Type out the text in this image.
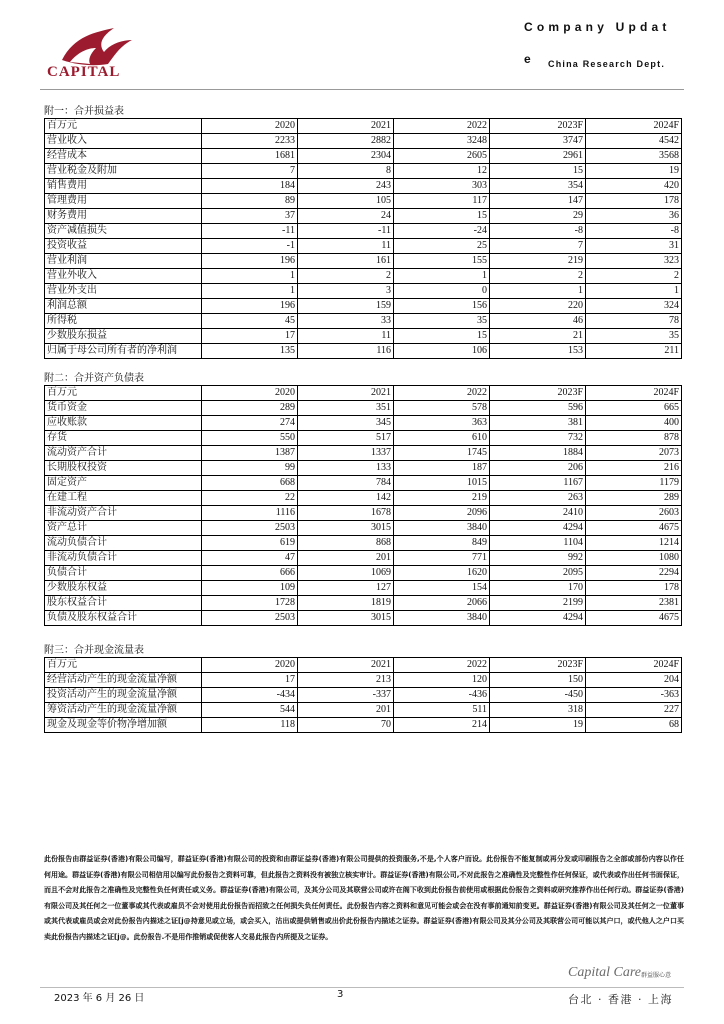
CAPITAL
Company Updat
e China Research Dept.
附一：合并损益表
百万元	2020	2021	2022	2023F	2024F
营业收入	2233	2882	3248	3747	4542
经营成本	1681	2304	2605	2961	3568
营业税金及附加	7	8	12	15	19
销售费用	184	243	303	354	420
管理费用	89	105	117	147	178
财务费用	37	24	15	29	36
资产减值损失	-11	-11	-24	-8	-8
投资收益	-1	11	25	7	31
营业利润	196	161	155	219	323
营业外收入	1	2	1	2	2
营业外支出	1	3	0	1	1
利润总额	196	159	156	220	324
所得税	45	33	35	46	78
少数股东损益	17	11	15	21	35
归属于母公司所有者的净利润	135	116	106	153	211
附二：合并资产负债表
百万元	2020	2021	2022	2023F	2024F
货币资金	289	351	578	596	665
应收账款	274	345	363	381	400
存货	550	517	610	732	878
流动资产合计	1387	1337	1745	1884	2073
长期股权投资	99	133	187	206	216
固定资产	668	784	1015	1167	1179
在建工程	22	142	219	263	289
非流动资产合计	1116	1678	2096	2410	2603
资产总计	2503	3015	3840	4294	4675
流动负债合计	619	868	849	1104	1214
非流动负债合计	47	201	771	992	1080
负债合计	666	1069	1620	2095	2294
少数股东权益	109	127	154	170	178
股东权益合计	1728	1819	2066	2199	2381
负债及股东权益合计	2503	3015	3840	4294	4675
附三：合并现金流量表
百万元	2020	2021	2022	2023F	2024F
经营活动产生的现金流量净额	17	213	120	150	204
投资活动产生的现金流量净额	-434	-337	-436	-450	-363
筹资活动产生的现金流量净额	544	201	511	318	227
现金及现金等价物净增加额	118	70	214	19	68
此份报告由群益证券(香港)有限公司编写，群益证券(香港)有限公司的投资和由群证益券(香港)有限公司提供的投资服务,不是,个人客户而设。此份报告不能复制或再分发或印刷报告之全部或部份内容以作任何用途。群益证券(香港)有限公司相信用以编写此份报告之资料可靠，但此报告之资料没有被独立核实审计。群益证券(香港)有限公司,不对此报告之准确性及完整性作任何保证，或代表或作出任何书面保证，而且不会对此报告之准确性及完整性负任何责任或义务。群益证券(香港)有限公司，及其分公司及其联营公司或许在阁下收到此份报告前使用或根据此份报告之资料或研究推荐作出任何行动。群益证券(香港)有限公司及其任何之一位董事或其代表或雇员不会对使用此份报告而招致之任何损失负任何责任。此份报告内容之资料和意见可能会或会在没有事前通知前变更。群益证券(香港)有限公司及其任何之一位董事或其代表或雇员或会对此份报告内描述之证[j@持意见或立场，或会买入，沽出或提供销售或出价此份报告内描述之证券。群益证券(香港)有限公司及其分公司及其联营公司可能以其户口，或代他人之户口买卖此份报告内描述之证[j@。此份报告.不是用作推销或促使客人交易此报告内所提及之证券。
Capital Care 群益服心意
2023 年 6 月 26 日	3	台北 · 香港 · 上海
